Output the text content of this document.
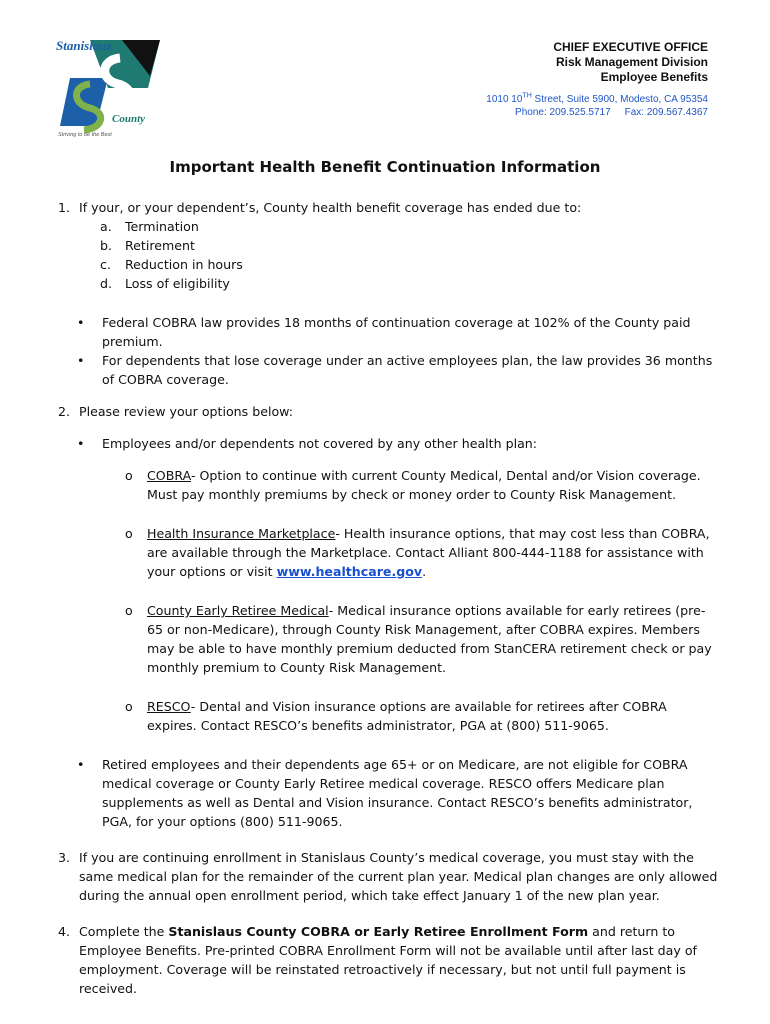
Stanislaus
County
Striving to be the Best
CHIEF EXECUTIVE OFFICE
Risk Management Division
Employee Benefits
1010 10TH Street, Suite 5900, Modesto, CA 95354
Phone: 209.525.5717 Fax: 209.567.4367
Important Health Benefit Continuation Information
1. If your, or your dependent’s, County health benefit coverage has ended due to:
a. Termination
b. Retirement
c. Reduction in hours
d. Loss of eligibility
• Federal COBRA law provides 18 months of continuation coverage at 102% of the County paid premium.
• For dependents that lose coverage under an active employees plan, the law provides 36 months of COBRA coverage.
2. Please review your options below:
• Employees and/or dependents not covered by any other health plan:
o COBRA- Option to continue with current County Medical, Dental and/or Vision coverage. Must pay monthly premiums by check or money order to County Risk Management.
o Health Insurance Marketplace- Health insurance options, that may cost less than COBRA, are available through the Marketplace. Contact Alliant 800-444-1188 for assistance with your options or visit www.healthcare.gov.
o County Early Retiree Medical- Medical insurance options available for early retirees (pre-65 or non-Medicare), through County Risk Management, after COBRA expires. Members may be able to have monthly premium deducted from StanCERA retirement check or pay monthly premium to County Risk Management.
o RESCO- Dental and Vision insurance options are available for retirees after COBRA expires. Contact RESCO’s benefits administrator, PGA at (800) 511-9065.
• Retired employees and their dependents age 65+ or on Medicare, are not eligible for COBRA medical coverage or County Early Retiree medical coverage. RESCO offers Medicare plan supplements as well as Dental and Vision insurance. Contact RESCO’s benefits administrator, PGA, for your options (800) 511-9065.
3. If you are continuing enrollment in Stanislaus County’s medical coverage, you must stay with the same medical plan for the remainder of the current plan year. Medical plan changes are only allowed during the annual open enrollment period, which take effect January 1 of the new plan year.
4. Complete the Stanislaus County COBRA or Early Retiree Enrollment Form and return to Employee Benefits. Pre-printed COBRA Enrollment Form will not be available until after last day of employment. Coverage will be reinstated retroactively if necessary, but not until full payment is received.
